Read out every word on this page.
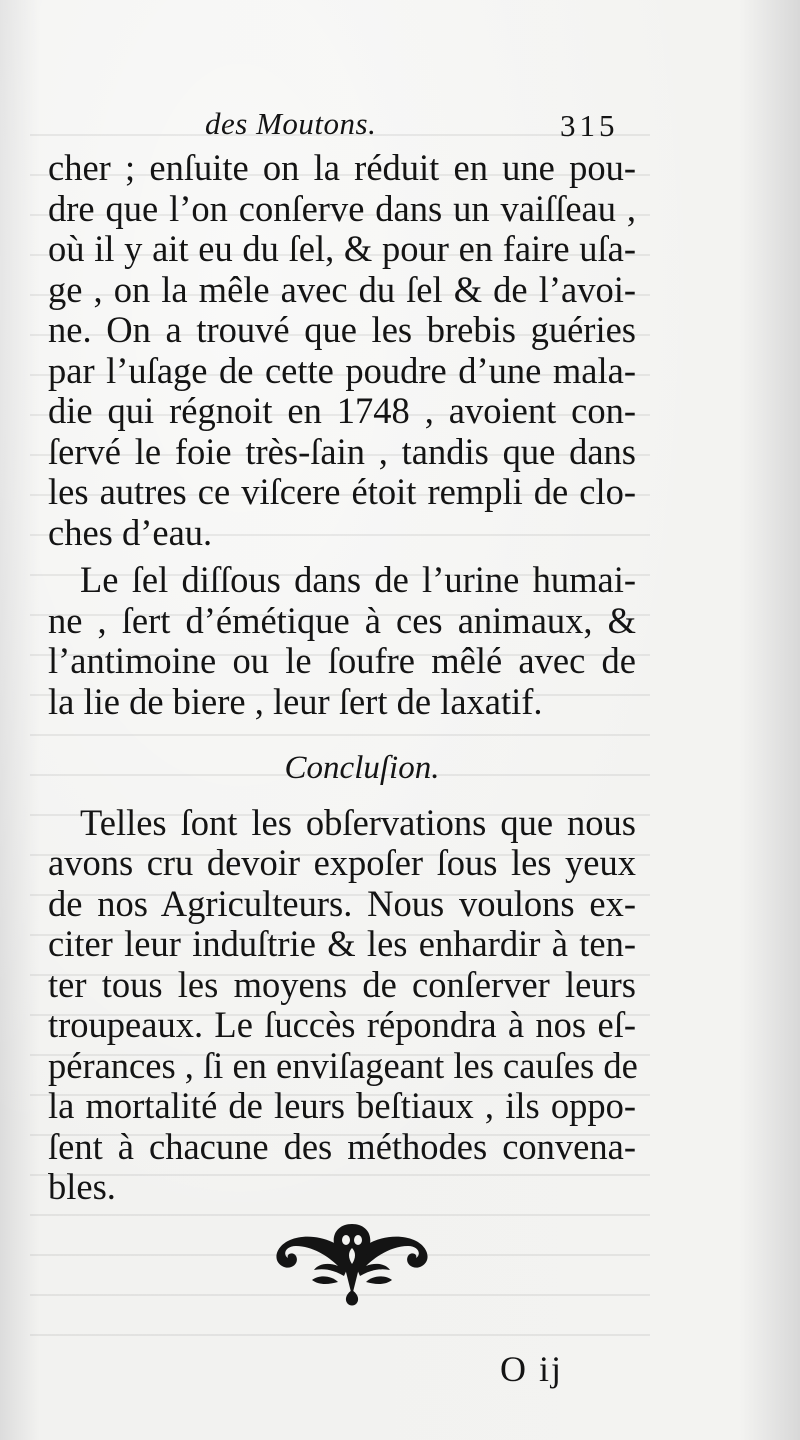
des Moutons.	315
cher ; enſuite on la réduit en une pou-
dre que l’on conſerve dans un vaiſſeau ,
où il y ait eu du ſel, & pour en faire uſa-
ge , on la mêle avec du ſel & de l’avoi-
ne. On a trouvé que les brebis guéries
par l’uſage de cette poudre d’une mala-
die qui régnoit en 1748 , avoient con-
ſervé le foie très-ſain , tandis que dans
les autres ce viſcere étoit rempli de clo-
ches d’eau.
Le ſel diſſous dans de l’urine humai-
ne , ſert d’émétique à ces animaux, &
l’antimoine ou le ſoufre mêlé avec de
la lie de biere , leur ſert de laxatif.
Concluſion.
Telles ſont les obſervations que nous
avons cru devoir expoſer ſous les yeux
de nos Agriculteurs. Nous voulons ex-
citer leur induſtrie & les enhardir à ten-
ter tous les moyens de conſerver leurs
troupeaux. Le ſuccès répondra à nos eſ-
pérances , ſi en enviſageant les cauſes de
la mortalité de leurs beſtiaux , ils oppo-
ſent à chacune des méthodes convena-
bles.
O ij
